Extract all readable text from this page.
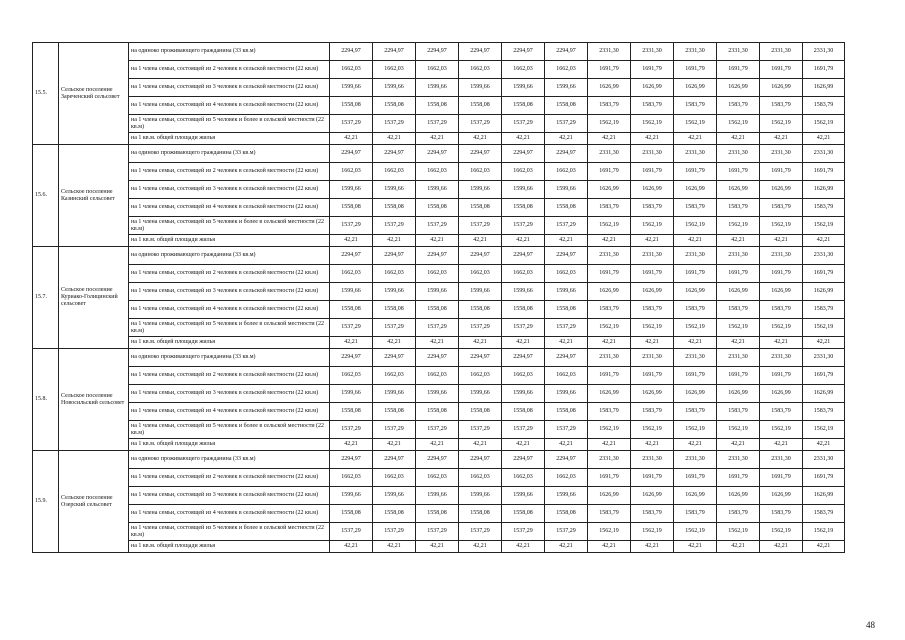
15.5.	Сельское поселение Зареченский сельсовет	на одиноко проживающего гражданина (33 кв.м)	2294,97	2294,97	2294,97	2294,97	2294,97	2294,97	2331,30	2331,30	2331,30	2331,30	2331,30	2331,30
		на 1 члена семьи, состоящей из 2 человек в сельской местности (22 кв.м)	1662,03	1662,03	1662,03	1662,03	1662,03	1662,03	1691,79	1691,79	1691,79	1691,79	1691,79	1691,79
		на 1 члена семьи, состоящей из 3 человек в сельской местности (22 кв.м)	1599,66	1599,66	1599,66	1599,66	1599,66	1599,66	1626,99	1626,99	1626,99	1626,99	1626,99	1626,99
		на 1 члена семьи, состоящей из 4 человек в сельской местности (22 кв.м)	1558,08	1558,08	1558,08	1558,08	1558,08	1558,08	1583,79	1583,79	1583,79	1583,79	1583,79	1583,79
		на 1 члена семьи, состоящей из 5 человек и более в сельской местности (22 кв.м)	1537,29	1537,29	1537,29	1537,29	1537,29	1537,29	1562,19	1562,19	1562,19	1562,19	1562,19	1562,19
		на 1 кв.м. общей площади жилья	42,21	42,21	42,21	42,21	42,21	42,21	42,21	42,21	42,21	42,21	42,21	42,21
15.6.	Сельское поселение Казинский сельсовет	на одиноко проживающего гражданина (33 кв.м)	2294,97	2294,97	2294,97	2294,97	2294,97	2294,97	2331,30	2331,30	2331,30	2331,30	2331,30	2331,30
		на 1 члена семьи, состоящей из 2 человек в сельской местности (22 кв.м)	1662,03	1662,03	1662,03	1662,03	1662,03	1662,03	1691,79	1691,79	1691,79	1691,79	1691,79	1691,79
		на 1 члена семьи, состоящей из 3 человек в сельской местности (22 кв.м)	1599,66	1599,66	1599,66	1599,66	1599,66	1599,66	1626,99	1626,99	1626,99	1626,99	1626,99	1626,99
		на 1 члена семьи, состоящей из 4 человек в сельской местности (22 кв.м)	1558,08	1558,08	1558,08	1558,08	1558,08	1558,08	1583,79	1583,79	1583,79	1583,79	1583,79	1583,79
		на 1 члена семьи, состоящей из 5 человек и более в сельской местности (22 кв.м)	1537,29	1537,29	1537,29	1537,29	1537,29	1537,29	1562,19	1562,19	1562,19	1562,19	1562,19	1562,19
		на 1 кв.м. общей площади жилья	42,21	42,21	42,21	42,21	42,21	42,21	42,21	42,21	42,21	42,21	42,21	42,21
15.7.	Сельское поселение Куриако-Голицинский сельсовет	на одиноко проживающего гражданина (33 кв.м)	2294,97	2294,97	2294,97	2294,97	2294,97	2294,97	2331,30	2331,30	2331,30	2331,30	2331,30	2331,30
		на 1 члена семьи, состоящей из 2 человек в сельской местности (22 кв.м)	1662,03	1662,03	1662,03	1662,03	1662,03	1662,03	1691,79	1691,79	1691,79	1691,79	1691,79	1691,79
		на 1 члена семьи, состоящей из 3 человек в сельской местности (22 кв.м)	1599,66	1599,66	1599,66	1599,66	1599,66	1599,66	1626,99	1626,99	1626,99	1626,99	1626,99	1626,99
		на 1 члена семьи, состоящей из 4 человек в сельской местности (22 кв.м)	1558,08	1558,08	1558,08	1558,08	1558,08	1558,08	1583,79	1583,79	1583,79	1583,79	1583,79	1583,79
		на 1 члена семьи, состоящей из 5 человек и более в сельской местности (22 кв.м)	1537,29	1537,29	1537,29	1537,29	1537,29	1537,29	1562,19	1562,19	1562,19	1562,19	1562,19	1562,19
		на 1 кв.м. общей площади жилья	42,21	42,21	42,21	42,21	42,21	42,21	42,21	42,21	42,21	42,21	42,21	42,21
15.8.	Сельское поселение Новосильский сельсовет	на одиноко проживающего гражданина (33 кв.м)	2294,97	2294,97	2294,97	2294,97	2294,97	2294,97	2331,30	2331,30	2331,30	2331,30	2331,30	2331,30
		на 1 члена семьи, состоящей из 2 человек в сельской местности (22 кв.м)	1662,03	1662,03	1662,03	1662,03	1662,03	1662,03	1691,79	1691,79	1691,79	1691,79	1691,79	1691,79
		на 1 члена семьи, состоящей из 3 человек в сельской местности (22 кв.м)	1599,66	1599,66	1599,66	1599,66	1599,66	1599,66	1626,99	1626,99	1626,99	1626,99	1626,99	1626,99
		на 1 члена семьи, состоящей из 4 человек в сельской местности (22 кв.м)	1558,08	1558,08	1558,08	1558,08	1558,08	1558,08	1583,79	1583,79	1583,79	1583,79	1583,79	1583,79
		на 1 члена семьи, состоящей из 5 человек и более в сельской местности (22 кв.м)	1537,29	1537,29	1537,29	1537,29	1537,29	1537,29	1562,19	1562,19	1562,19	1562,19	1562,19	1562,19
		на 1 кв.м. общей площади жилья	42,21	42,21	42,21	42,21	42,21	42,21	42,21	42,21	42,21	42,21	42,21	42,21
15.9.	Сельское поселение Озерский сельсовет	на одиноко проживающего гражданина (33 кв.м)	2294,97	2294,97	2294,97	2294,97	2294,97	2294,97	2331,30	2331,30	2331,30	2331,30	2331,30	2331,30
		на 1 члена семьи, состоящей из 2 человек в сельской местности (22 кв.м)	1662,03	1662,03	1662,03	1662,03	1662,03	1662,03	1691,79	1691,79	1691,79	1691,79	1691,79	1691,79
		на 1 члена семьи, состоящей из 3 человек в сельской местности (22 кв.м)	1599,66	1599,66	1599,66	1599,66	1599,66	1599,66	1626,99	1626,99	1626,99	1626,99	1626,99	1626,99
		на 1 члена семьи, состоящей из 4 человек в сельской местности (22 кв.м)	1558,08	1558,08	1558,08	1558,08	1558,08	1558,08	1583,79	1583,79	1583,79	1583,79	1583,79	1583,79
		на 1 члена семьи, состоящей из 5 человек и более в сельской местности (22 кв.м)	1537,29	1537,29	1537,29	1537,29	1537,29	1537,29	1562,19	1562,19	1562,19	1562,19	1562,19	1562,19
		на 1 кв.м. общей площади жилья	42,21	42,21	42,21	42,21	42,21	42,21	42,21	42,21	42,21	42,21	42,21	42,21
48
